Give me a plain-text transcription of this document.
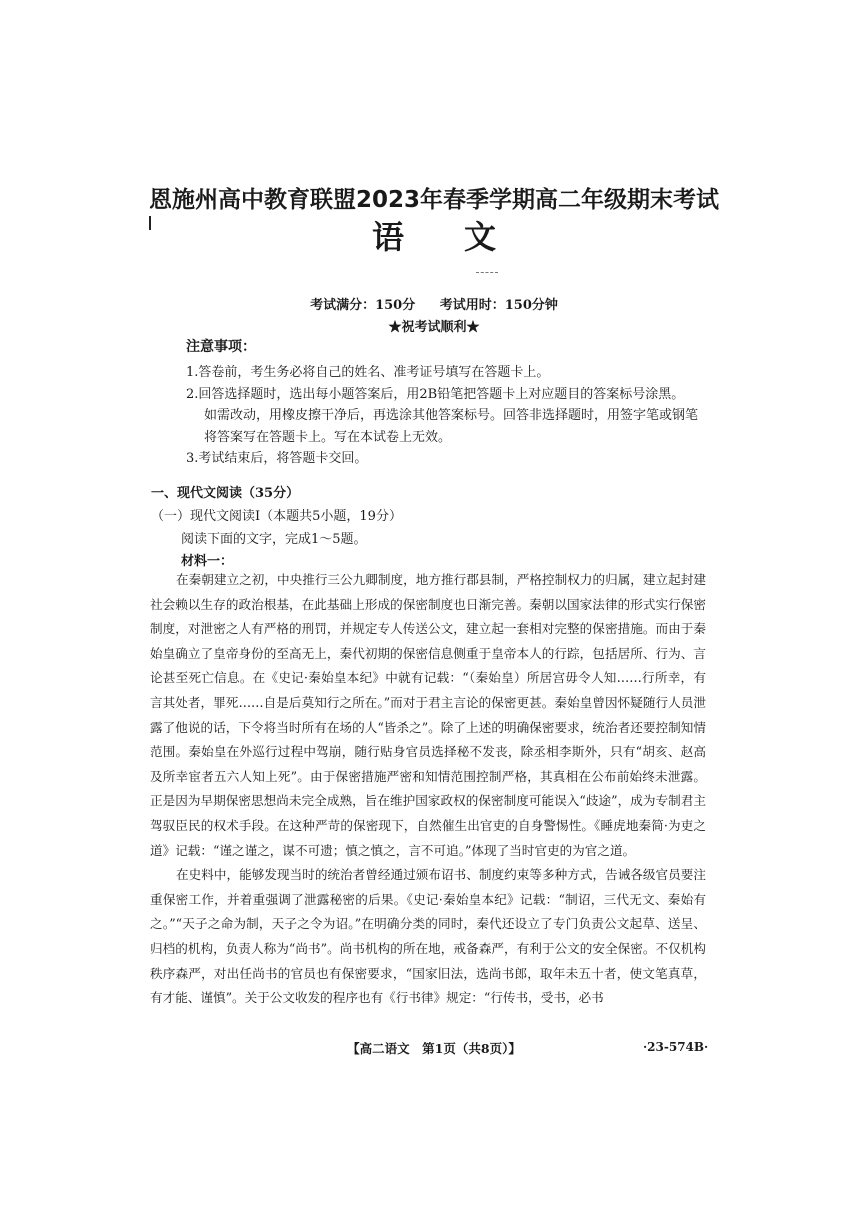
恩施州高中教育联盟2023年春季学期高二年级期末考试
语文
考试满分：150分 考试用时：150分钟
★祝考试顺利★
注意事项：

1.答卷前，考生务必将自己的姓名、准考证号填写在答题卡上。

2.回答选择题时，选出每小题答案后，用2B铅笔把答题卡上对应题目的答案标号涂黑。

如需改动，用橡皮擦干净后，再选涂其他答案标号。回答非选择题时，用签字笔或钢笔

将答案写在答题卡上。写在本试卷上无效。

3.考试结束后，将答题卡交回。

一、现代文阅读（35分）
（一）现代文阅读Ⅰ（本题共5小题，19分）
阅读下面的文字，完成1～5题。
材料一：

在秦朝建立之初，中央推行三公九卿制度，地方推行郡县制，严格控制权力的归属，建立起封建社会赖以生存的政治根基，在此基础上形成的保密制度也日渐完善。秦朝以国家法律的形式实行保密制度，对泄密之人有严格的刑罚，并规定专人传送公文，建立起一套相对完整的保密措施。而由于秦始皇确立了皇帝身份的至高无上，秦代初期的保密信息侧重于皇帝本人的行踪，包括居所、行为、言论甚至死亡信息。在《史记·秦始皇本纪》中就有记载：“（秦始皇）所居宫毋令人知……行所幸，有言其处者，罪死……自是后莫知行之所在。”而对于君主言论的保密更甚。秦始皇曾因怀疑随行人员泄露了他说的话，下令将当时所有在场的人“皆杀之”。除了上述的明确保密要求，统治者还要控制知情范围。秦始皇在外巡行过程中驾崩，随行贴身官员选择秘不发丧，除丞相李斯外，只有“胡亥、赵高及所幸宦者五六人知上死”。由于保密措施严密和知情范围控制严格，其真相在公布前始终未泄露。正是因为早期保密思想尚未完全成熟，旨在维护国家政权的保密制度可能误入“歧途”，成为专制君主驾驭臣民的权术手段。在这种严苛的保密现下，自然催生出官吏的自身警惕性。《睡虎地秦简·为吏之道》记载：“谨之谨之，谋不可遗；慎之慎之，言不可追。”体现了当时官吏的为官之道。

在史料中，能够发现当时的统治者曾经通过颁布诏书、制度约束等多种方式，告诫各级官员要注重保密工作，并着重强调了泄露秘密的后果。《史记·秦始皇本纪》记载：“制诏，三代无文、秦始有之。”“天子之命为制，天子之令为诏。”在明确分类的同时，秦代还设立了专门负责公文起草、送呈、归档的机构，负责人称为“尚书”。尚书机构的所在地，戒备森严，有利于公文的安全保密。不仅机构秩序森严，对出任尚书的官员也有保密要求，“国家旧法，选尚书郎，取年未五十者，使文笔真草，有才能、谨慎”。关于公文收发的程序也有《行书律》规定：“行传书，受书，必书

【高二语文　第1页（共8页）】	·23-574B·
